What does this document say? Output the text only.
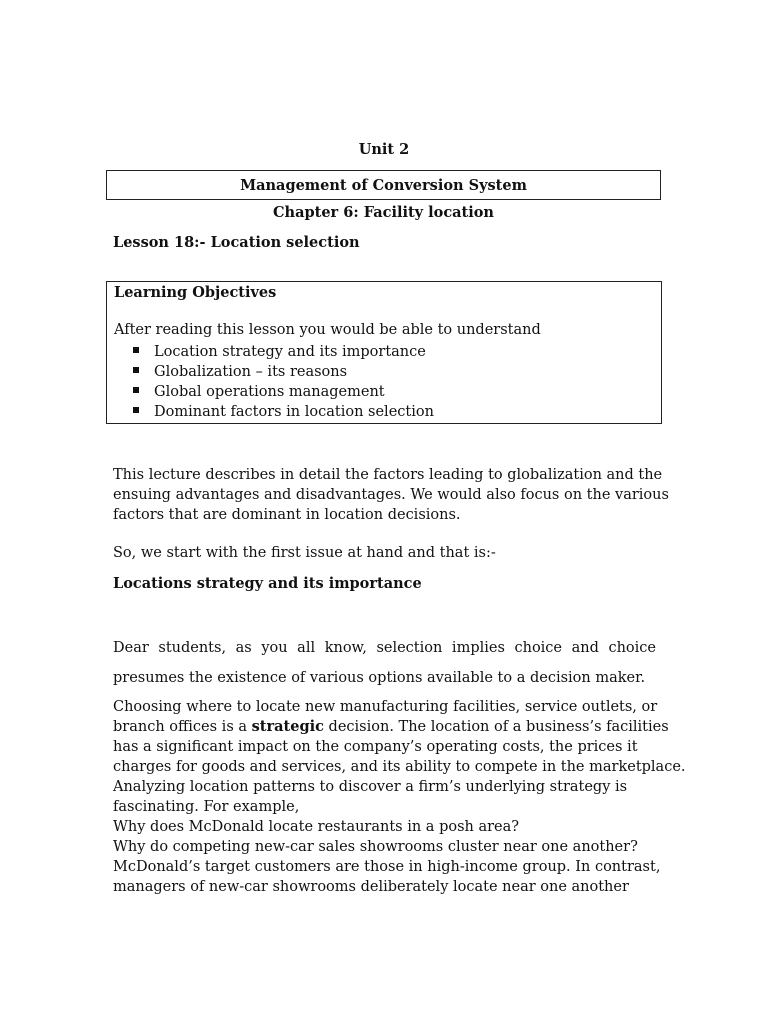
Unit 2
Management of Conversion System
Chapter 6: Facility location
Lesson 18:- Location selection
Learning Objectives
After reading this lesson you would be able to understand
Location strategy and its importance
Globalization – its reasons
Global operations management
Dominant factors in location selection
This lecture describes in detail the factors leading to globalization and the
ensuing advantages and disadvantages. We would also focus on the various
factors that are dominant in location decisions.
So, we start with the first issue at hand and that is:-
Locations strategy and its importance
Dear students, as you all know, selection implies choice and choice presumes the existence of various options available to a decision maker.
Choosing where to locate new manufacturing facilities, service outlets, or
branch offices is a strategic decision. The location of a business’s facilities
has a significant impact on the company’s operating costs, the prices it
charges for goods and services, and its ability to compete in the marketplace.
Analyzing location patterns to discover a firm’s underlying strategy is
fascinating. For example,
Why does McDonald locate restaurants in a posh area?
Why do competing new-car sales showrooms cluster near one another?
McDonald’s target customers are those in high-income group. In contrast,
managers of new-car showrooms deliberately locate near one another
